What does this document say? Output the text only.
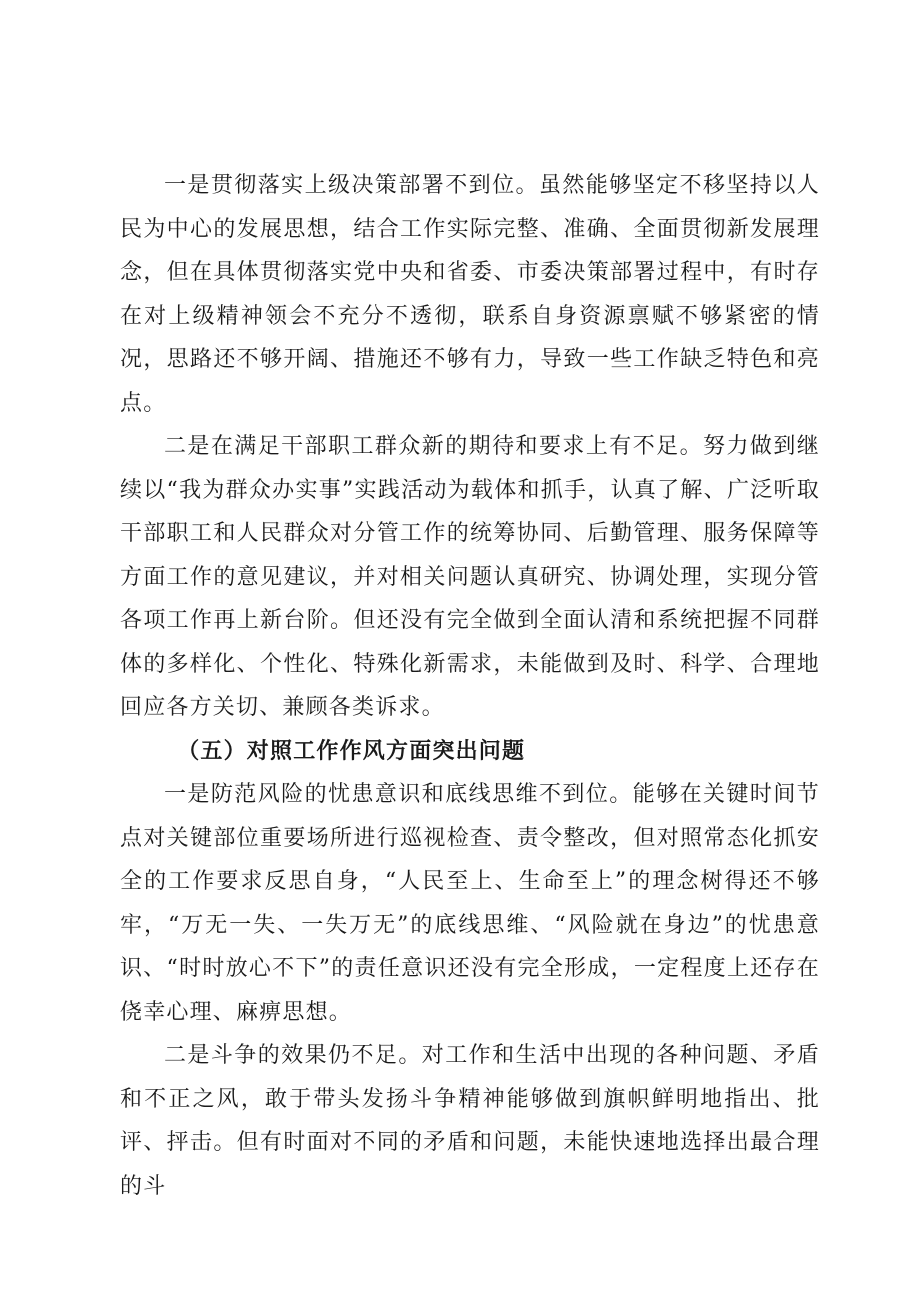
一是贯彻落实上级决策部署不到位。虽然能够坚定不移坚持以人民为中心的发展思想，结合工作实际完整、准确、全面贯彻新发展理念，但在具体贯彻落实党中央和省委、市委决策部署过程中，有时存在对上级精神领会不充分不透彻，联系自身资源禀赋不够紧密的情况，思路还不够开阔、措施还不够有力，导致一些工作缺乏特色和亮点。

二是在满足干部职工群众新的期待和要求上有不足。努力做到继续以“我为群众办实事”实践活动为载体和抓手，认真了解、广泛听取干部职工和人民群众对分管工作的统筹协同、后勤管理、服务保障等方面工作的意见建议，并对相关问题认真研究、协调处理，实现分管各项工作再上新台阶。但还没有完全做到全面认清和系统把握不同群体的多样化、个性化、特殊化新需求，未能做到及时、科学、合理地回应各方关切、兼顾各类诉求。

（五）对照工作作风方面突出问题

一是防范风险的忧患意识和底线思维不到位。能够在关键时间节点对关键部位重要场所进行巡视检查、责令整改，但对照常态化抓安全的工作要求反思自身，“人民至上、生命至上”的理念树得还不够牢，“万无一失、一失万无”的底线思维、“风险就在身边”的忧患意识、“时时放心不下”的责任意识还没有完全形成，一定程度上还存在侥幸心理、麻痹思想。

二是斗争的效果仍不足。对工作和生活中出现的各种问题、矛盾和不正之风，敢于带头发扬斗争精神能够做到旗帜鲜明地指出、批评、抨击。但有时面对不同的矛盾和问题，未能快速地选择出最合理的斗
